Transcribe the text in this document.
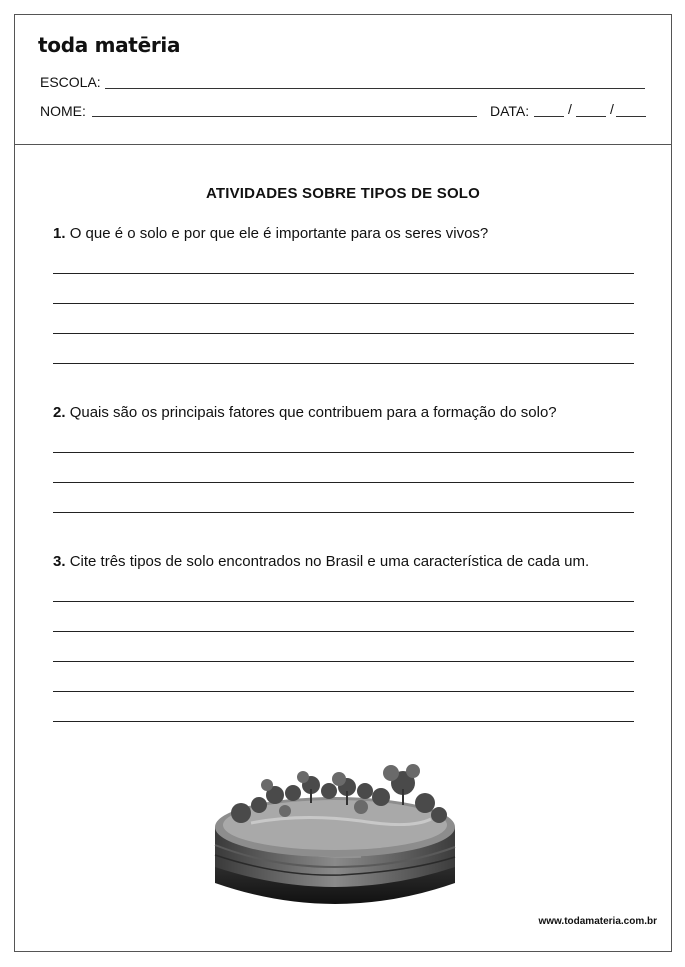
toda matēria
ESCOLA:
NOME:	DATA:	/	/
ATIVIDADES SOBRE TIPOS DE SOLO
1. O que é o solo e por que ele é importante para os seres vivos?
2. Quais são os principais fatores que contribuem para a formação do solo?
3. Cite três tipos de solo encontrados no Brasil e uma característica de cada um.
www.todamateria.com.br
